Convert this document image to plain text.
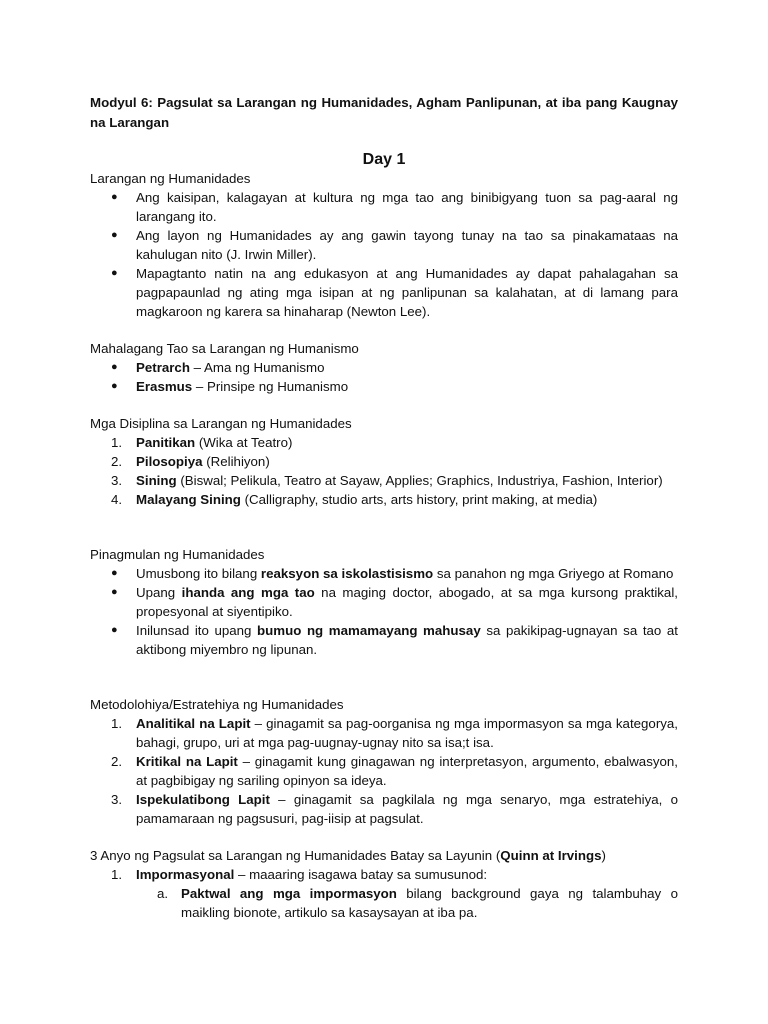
Modyul 6: Pagsulat sa Larangan ng Humanidades, Agham Panlipunan, at iba pang Kaugnay na Larangan
Day 1
Larangan ng Humanidades
● Ang kaisipan, kalagayan at kultura ng mga tao ang binibigyang tuon sa pag-aaral ng larangang ito.
● Ang layon ng Humanidades ay ang gawin tayong tunay na tao sa pinakamataas na kahulugan nito (J. Irwin Miller).
● Mapagtanto natin na ang edukasyon at ang Humanidades ay dapat pahalagahan sa pagpapaunlad ng ating mga isipan at ng panlipunan sa kalahatan, at di lamang para magkaroon ng karera sa hinaharap (Newton Lee).
Mahalagang Tao sa Larangan ng Humanismo
● Petrarch – Ama ng Humanismo
● Erasmus – Prinsipe ng Humanismo
Mga Disiplina sa Larangan ng Humanidades
1. Panitikan (Wika at Teatro)
2. Pilosopiya (Relihiyon)
3. Sining (Biswal; Pelikula, Teatro at Sayaw, Applies; Graphics, Industriya, Fashion, Interior)
4. Malayang Sining (Calligraphy, studio arts, arts history, print making, at media)
Pinagmulan ng Humanidades
● Umusbong ito bilang reaksyon sa iskolastisismo sa panahon ng mga Griyego at Romano
● Upang ihanda ang mga tao na maging doctor, abogado, at sa mga kursong praktikal, propesyonal at siyentipiko.
● Inilunsad ito upang bumuo ng mamamayang mahusay sa pakikipag-ugnayan sa tao at aktibong miyembro ng lipunan.
Metodolohiya/Estratehiya ng Humanidades
1. Analitikal na Lapit – ginagamit sa pag-oorganisa ng mga impormasyon sa mga kategorya, bahagi, grupo, uri at mga pag-uugnay-ugnay nito sa isa;t isa.
2. Kritikal na Lapit – ginagamit kung ginagawan ng interpretasyon, argumento, ebalwasyon, at pagbibigay ng sariling opinyon sa ideya.
3. Ispekulatibong Lapit – ginagamit sa pagkilala ng mga senaryo, mga estratehiya, o pamamaraan ng pagsusuri, pag-iisip at pagsulat.
3 Anyo ng Pagsulat sa Larangan ng Humanidades Batay sa Layunin (Quinn at Irvings)
1. Impormasyonal – maaaring isagawa batay sa sumusunod:
a. Paktwal ang mga impormasyon bilang background gaya ng talambuhay o maikling bionote, artikulo sa kasaysayan at iba pa.
